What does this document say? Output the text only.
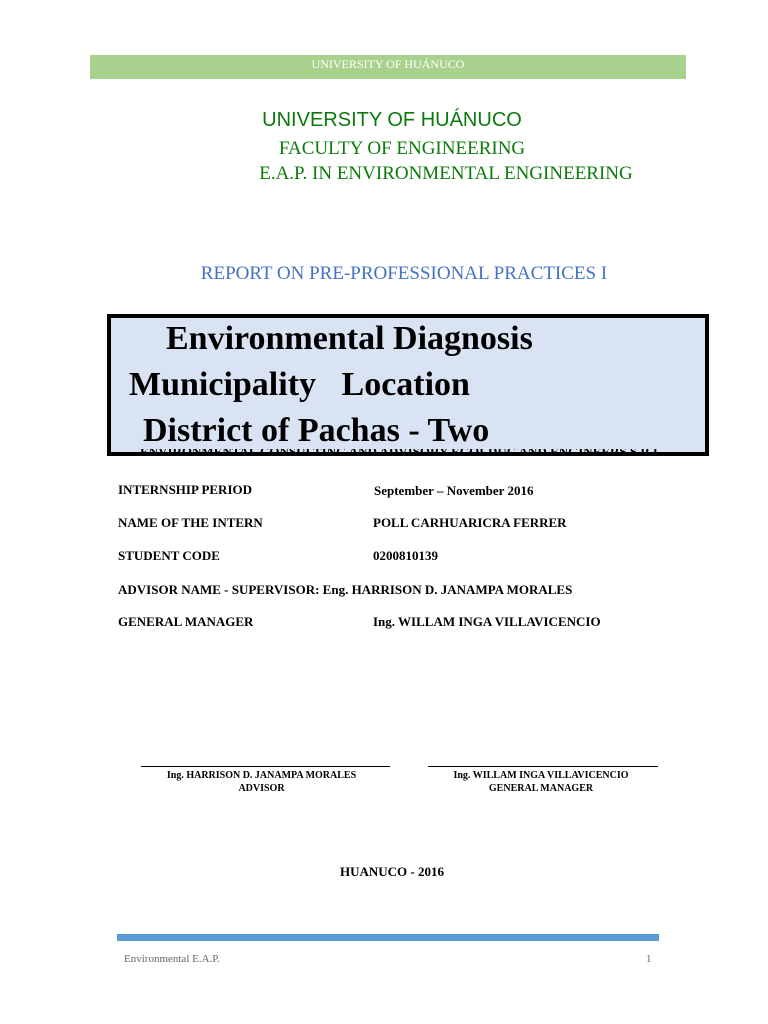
UNIVERSITY OF HUÁNUCO
UNIVERSITY OF HUÁNUCO
FACULTY OF ENGINEERING
E.A.P. IN ENVIRONMENTAL ENGINEERING
REPORT ON PRE-PROFESSIONAL PRACTICES I
Environmental Diagnosis
Municipality   Location
District of Pachas - Two
ENVIRONMENTAL CONSULTING AND ADVISORY ECOLDUC AND ENGINEERS S.R.L.
INTERNSHIP PERIOD	September – November 2016
NAME OF THE INTERN	POLL CARHUARICRA FERRER
STUDENT CODE	0200810139
ADVISOR NAME - SUPERVISOR: Eng. HARRISON D. JANAMPA MORALES
GENERAL MANAGER	Ing. WILLAM INGA VILLAVICENCIO
Ing. HARRISON D. JANAMPA MORALES
ADVISOR
Ing. WILLAM INGA VILLAVICENCIO
GENERAL MANAGER
HUANUCO - 2016
Environmental E.A.P.	1
